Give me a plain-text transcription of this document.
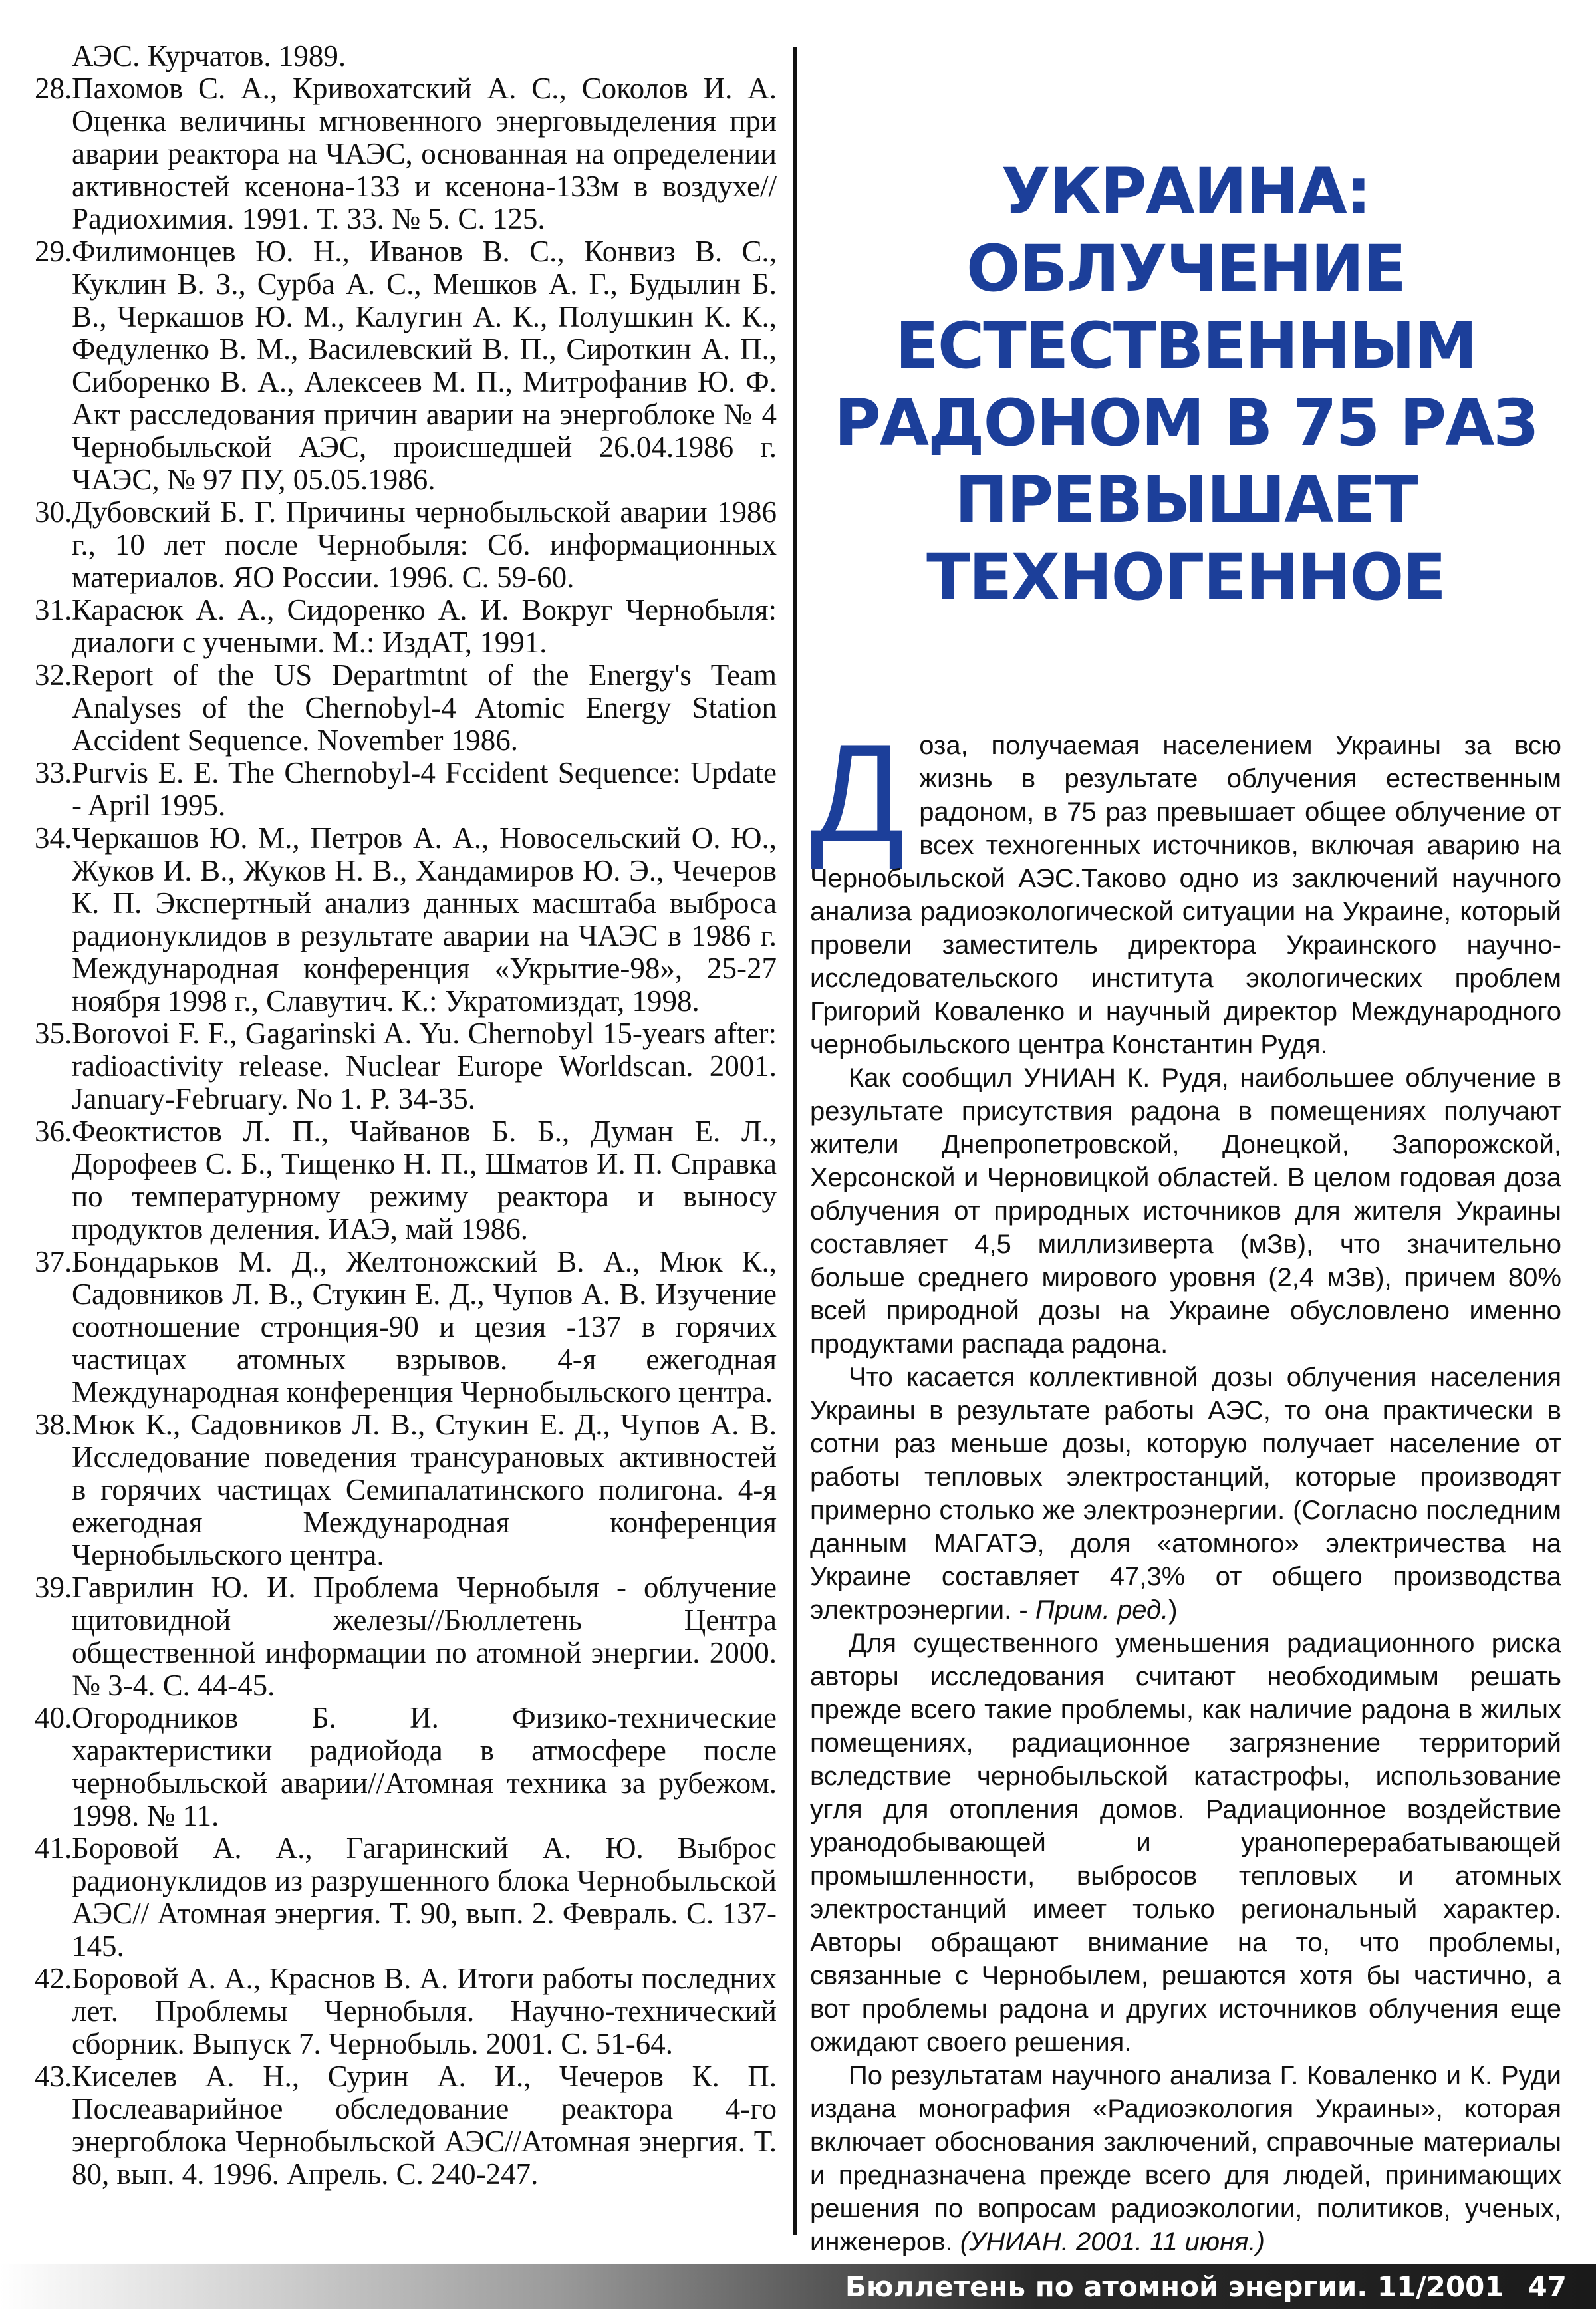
АЭС. Курчатов. 1989.

28. Пахомов С. А., Кривохатский А. С., Соколов И. А. Оценка величины мгновенного энерговыделения при аварии реактора на ЧАЭС, основанная на определении активностей ксенона-133 и ксенона-133м в воздухе//Радиохимия. 1991. Т. 33. № 5. С. 125.
29. Филимонцев Ю. Н., Иванов В. С., Конвиз В. С., Куклин В. З., Сурба А. С., Мешков А. Г., Будылин Б. В., Черкашов Ю. М., Калугин А. К., Полушкин К. К., Федуленко В. М., Василевский В. П., Сироткин А. П., Сиборенко В. А., Алексеев М. П., Митрофанив Ю. Ф. Акт расследования причин аварии на энергоблоке № 4 Чернобыльской АЭС, происшедшей 26.04.1986 г. ЧАЭС, № 97 ПУ, 05.05.1986.
30. Дубовский Б. Г. Причины чернобыльской аварии 1986 г., 10 лет после Чернобыля: Сб. информационных материалов. ЯО России. 1996. С. 59-60.
31. Карасюк А. А., Сидоренко А. И. Вокруг Чернобыля: диалоги с учеными. М.: ИздАТ, 1991.
32. Report of the US Departmtnt of the Energy's Team Analyses of the Chernobyl-4 Atomic Energy Station Accident Sequence. November 1986.
33. Purvis E. E. The Chernobyl-4 Fccident Sequence: Update - April 1995.
34. Черкашов Ю. М., Петров А. А., Новосельский О. Ю., Жуков И. В., Жуков Н. В., Хандамиров Ю. Э., Чечеров К. П. Экспертный анализ данных масштаба выброса радионуклидов в результате аварии на ЧАЭС в 1986 г. Международная конференция «Укрытие-98», 25-27 ноября 1998 г., Славутич. К.: Укратомиздат, 1998.
35. Borovoi F. F., Gagarinski A. Yu. Chernobyl 15-years after: radioactivity release. Nuclear Europe Worldscan. 2001. January-February. No 1. P. 34-35.
36. Феоктистов Л. П., Чайванов Б. Б., Думан Е. Л., Дорофеев С. Б., Тищенко Н. П., Шматов И. П. Справка по температурному режиму реактора и выносу продуктов деления. ИАЭ, май 1986.
37. Бондарьков М. Д., Желтоножский В. А., Мюк К., Садовников Л. В., Стукин Е. Д., Чупов А. В. Изучение соотношение стронция-90 и цезия -137 в горячих частицах атомных взрывов. 4-я ежегодная Международная конференция Чернобыльского центра.
38. Мюк К., Садовников Л. В., Стукин Е. Д., Чупов А. В. Исследование поведения трансурановых активностей в горячих частицах Семипалатинского полигона. 4-я ежегодная Международная конференция Чернобыльского центра.
39. Гаврилин Ю. И. Проблема Чернобыля - облучение щитовидной железы//Бюллетень Центра общественной информации по атомной энергии. 2000. № 3-4. С. 44-45.
40. Огородников Б. И. Физико-технические характеристики радиойода в атмосфере после чернобыльской аварии//Атомная техника за рубежом. 1998. № 11.
41. Боровой А. А., Гагаринский А. Ю. Выброс радионуклидов из разрушенного блока Чернобыльской АЭС// Атомная энергия. Т. 90, вып. 2. Февраль. С. 137-145.
42. Боровой А. А., Краснов В. А. Итоги работы последних лет. Проблемы Чернобыля. Научно-технический сборник. Выпуск 7. Чернобыль. 2001. С. 51-64.
43. Киселев А. Н., Сурин А. И., Чечеров К. П. Послеаварийное обследование реактора 4-го энергоблока Чернобыльской АЭС//Атомная энергия. Т. 80, вып. 4. 1996. Апрель. С. 240-247.
УКРАИНА: ОБЛУЧЕНИЕ
ЕСТЕСТВЕННЫМ
РАДОНОМ В 75 РАЗ
ПРЕВЫШАЕТ
ТЕХНОГЕННОЕ

Доза, получаемая населением Украины за всю жизнь в результате облучения естественным радоном, в 75 раз превышает общее облучение от всех техногенных источников, включая аварию на Чернобыльской АЭС.Таково одно из заключений научного анализа радиоэкологической ситуации на Украине, который провели заместитель директора Украинского научно-исследовательского института экологических проблем Григорий Коваленко и научный директор Международного чернобыльского центра Константин Рудя.

Как сообщил УНИАН К. Рудя, наибольшее облучение в результате присутствия радона в помещениях получают жители Днепропетровской, Донецкой, Запорожской, Херсонской и Черновицкой областей. В целом годовая доза облучения от природных источников для жителя Украины составляет 4,5 миллизиверта (мЗв), что значительно больше среднего мирового уровня (2,4 мЗв), причем 80% всей природной дозы на Украине обусловлено именно продуктами распада радона.

Что касается коллективной дозы облучения населения Украины в результате работы АЭС, то она практически в сотни раз меньше дозы, которую получает население от работы тепловых электростанций, которые производят примерно столько же электроэнергии. (Согласно последним данным МАГАТЭ, доля «атомного» электричества на Украине составляет 47,3% от общего производства электроэнергии. - Прим. ред.)

Для существенного уменьшения радиационного риска авторы исследования считают необходимым решать прежде всего такие проблемы, как наличие радона в жилых помещениях, радиационное загрязнение территорий вследствие чернобыльской катастрофы, использование угля для отопления домов. Радиационное воздействие уранодобывающей и ураноперерабатывающей промышленности, выбросов тепловых и атомных электростанций имеет только региональный характер. Авторы обращают внимание на то, что проблемы, связанные с Чернобылем, решаются хотя бы частично, а вот проблемы радона и других источников облучения еще ожидают своего решения.

По результатам научного анализа Г. Коваленко и К. Руди издана монография «Радиоэкология Украины», которая включает обоснования заключений, справочные материалы и предназначена прежде всего для людей, принимающих решения по вопросам радиоэкологии, политиков, ученых, инженеров. (УНИАН. 2001. 11 июня.)

Бюллетень по атомной энергии. 11/2001 47
